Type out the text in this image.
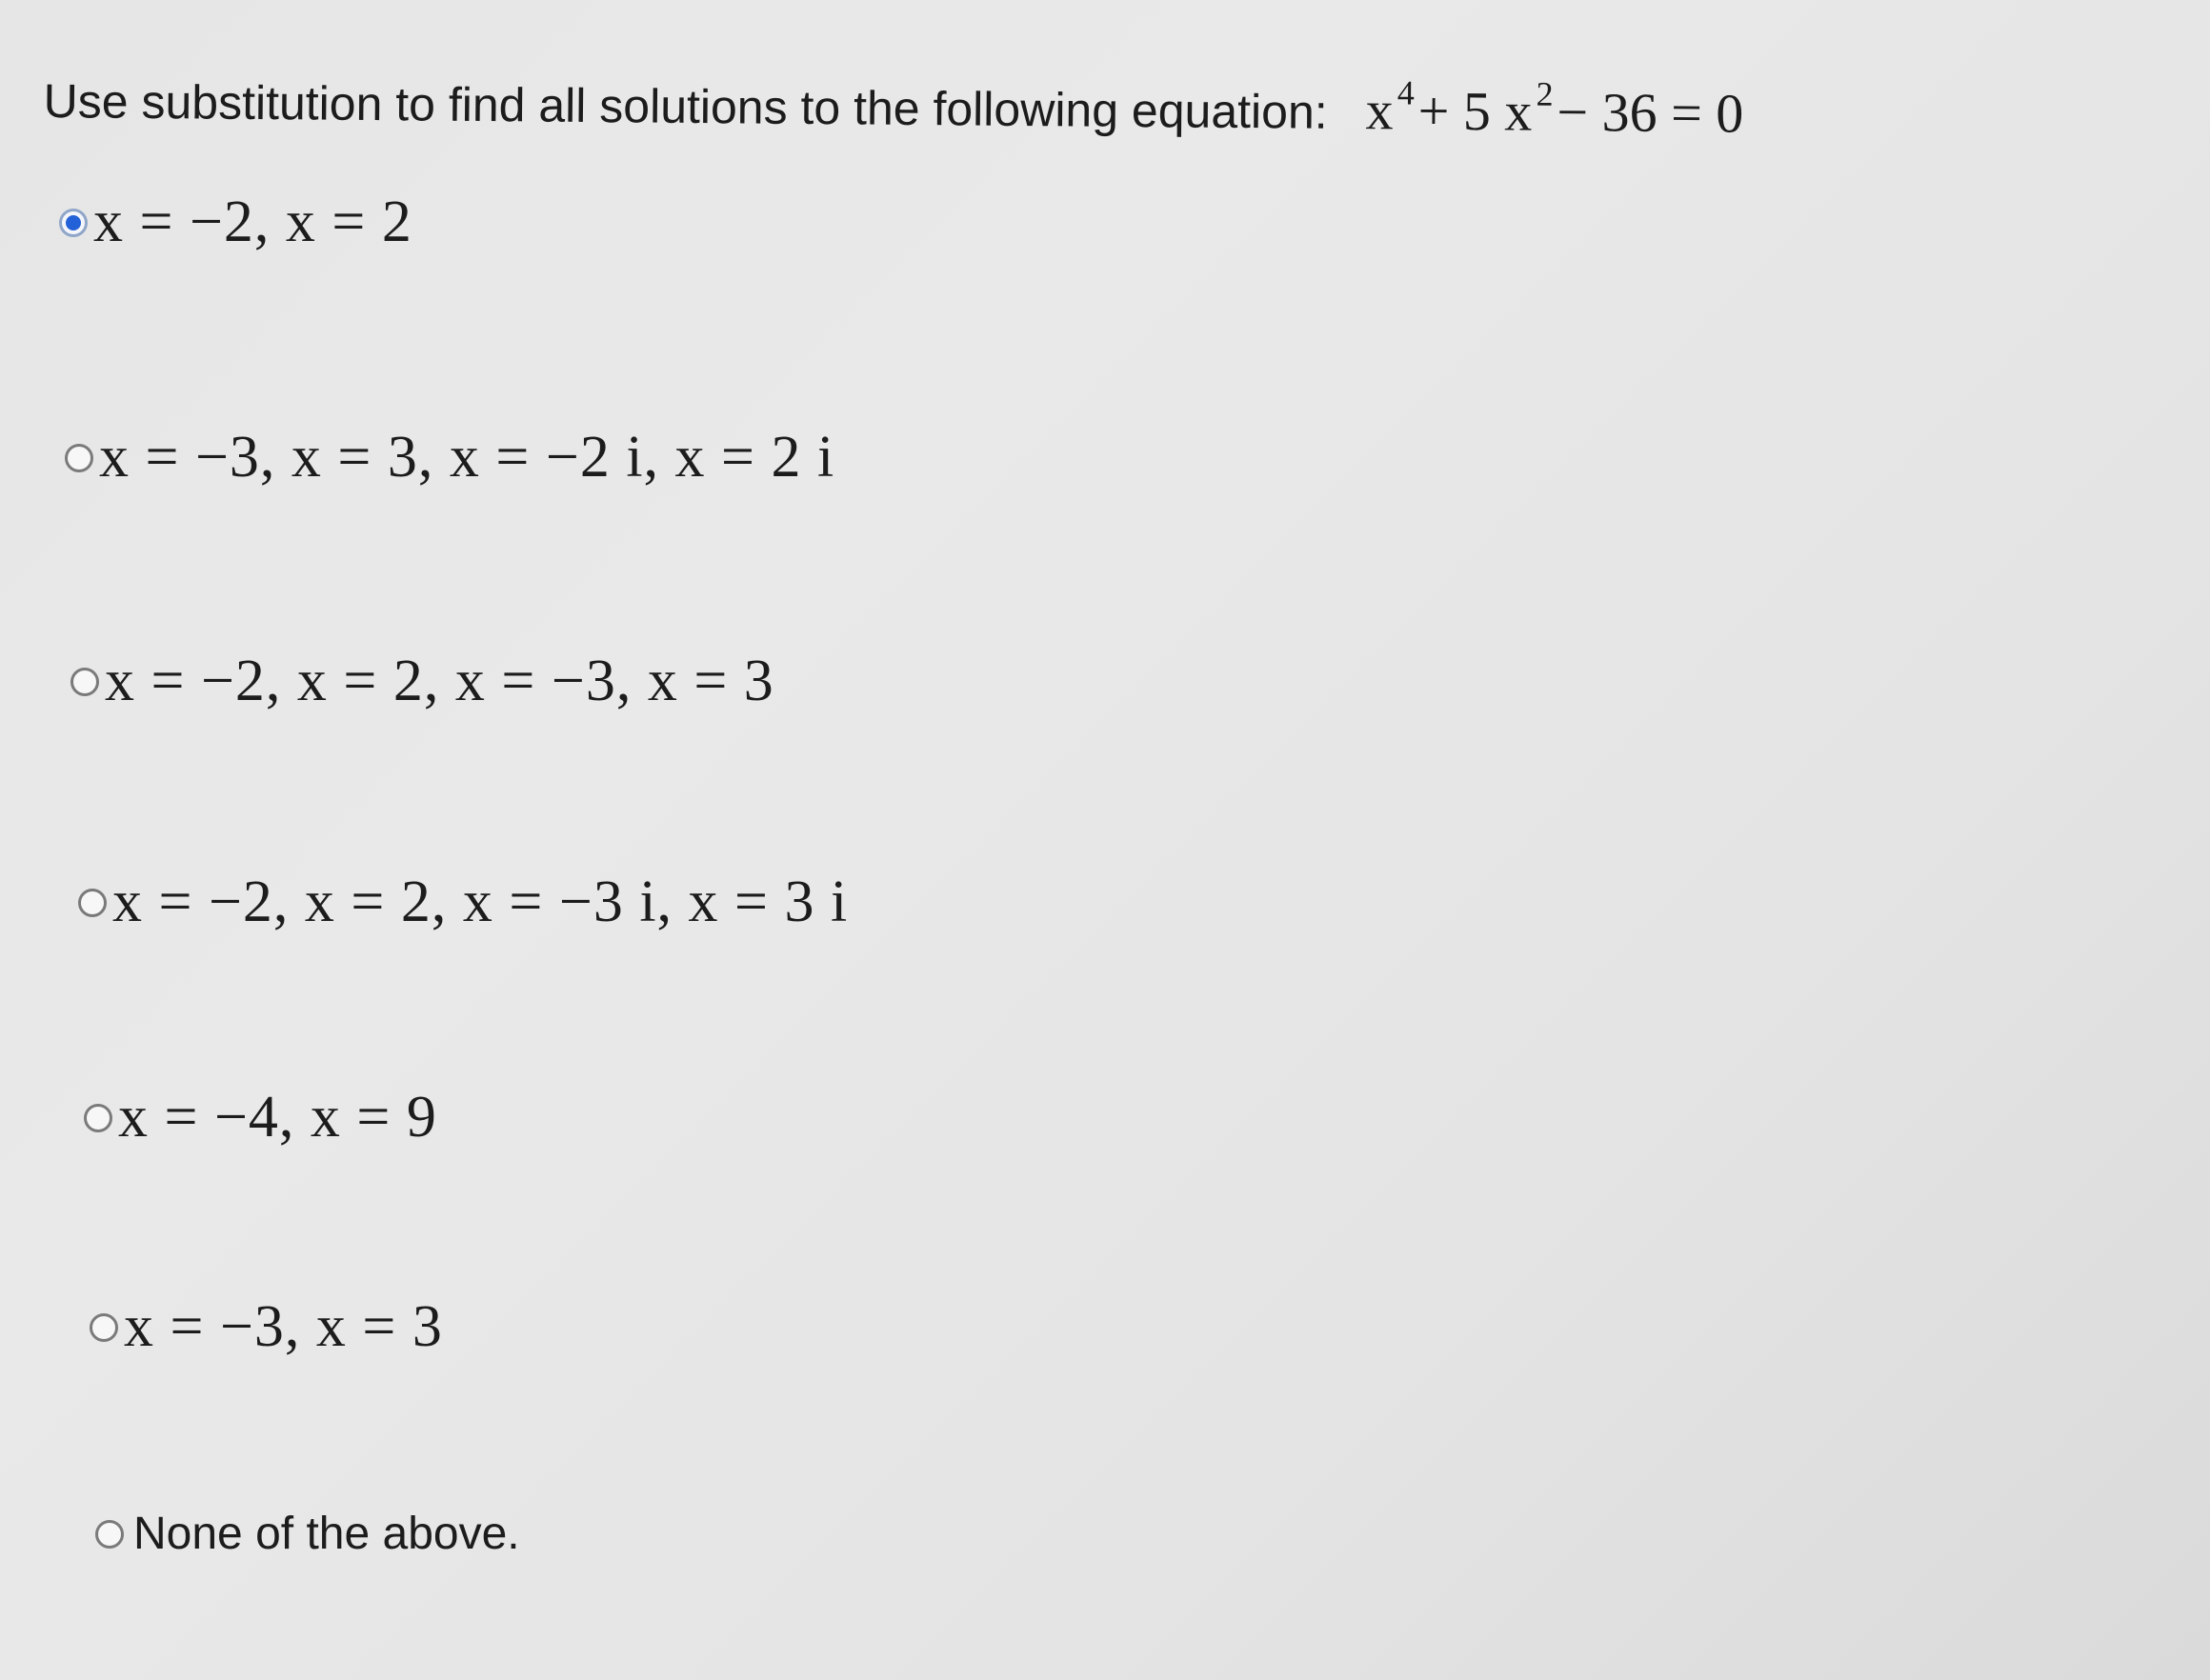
Use substitution to find all solutions to the following equation: x $^4$+ 5 x $^2$− 36 = 0
x = −2, x = 2
x = −3, x = 3, x = −2 i, x = 2 i
x = −2, x = 2, x = −3, x = 3
x = −2, x = 2, x = −3 i, x = 3 i
x = −4, x = 9
x = −3, x = 3
None of the above.
